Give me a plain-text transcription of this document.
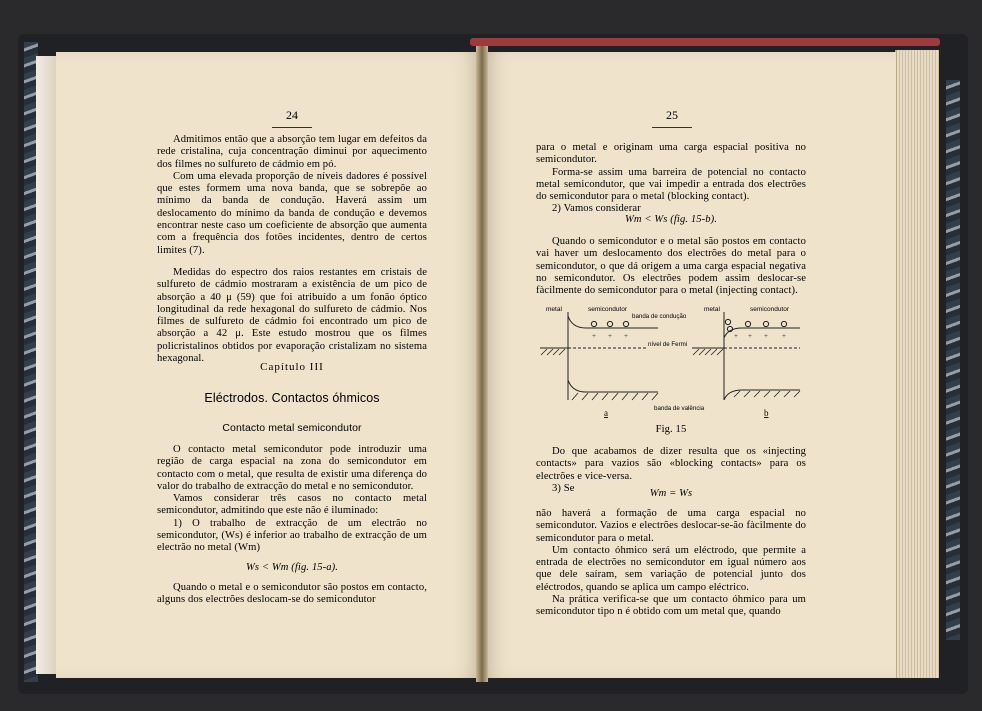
24

Admitimos então que a absorção tem lugar em defeitos da rede cristalina, cuja concentração diminui por aquecimento dos filmes no sulfureto de cádmio em pó.

Com uma elevada proporção de níveis dadores é possível que estes formem uma nova banda, que se sobrepõe ao mínimo da banda de condução. Haverá assim um deslocamento do mínimo da banda de condução e devemos encontrar neste caso um coeficiente de absorção que aumenta com a frequência dos fotões incidentes, dentro de certos limites (7).

Medidas do espectro dos raios restantes em cristais de sulfureto de cádmio mostraram a existência de um pico de absorção a 40 μ (59) que foi atribuído a um fonão óptico longitudinal da rede hexagonal do sulfureto de cádmio. Nos filmes de sulfureto de cádmio foi encontrado um pico de absorção a 42 μ. Este estudo mostrou que os filmes policristalinos obtidos por evaporação cristalizam no sistema hexagonal.

Capítulo III
Eléctrodos. Contactos óhmicos
Contacto metal semicondutor

O contacto metal semicondutor pode introduzir uma região de carga espacial na zona do semicondutor em contacto com o metal, que resulta de existir uma diferença do valor do trabalho de extracção do metal e no semicondutor.

Vamos considerar três casos no contacto metal semicondutor, admitindo que este não é iluminado:

1) O trabalho de extracção de um electrão no semicondutor, (Ws) é inferior ao trabalho de extracção de um electrão no metal (Wm)

Ws < Wm (fig. 15-a).

Quando o metal e o semicondutor são postos em contacto, alguns dos electrões deslocam-se do semicondutor

25

para o metal e originam uma carga espacial positiva no semicondutor.

Forma-se assim uma barreira de potencial no contacto metal semicondutor, que vai impedir a entrada dos electrões do semicondutor para o metal (blocking contact).

2) Vamos considerar

Wm < Ws (fig. 15-b).

Quando o semicondutor e o metal são postos em contacto vai haver um deslocamento dos electrões do metal para o semicondutor, o que dá origem a uma carga espacial negativa no semicondutor. Os electrões podem assim deslocar-se fàcilmente do semicondutor para o metal (injecting contact).

metal	semicondutor
+ + +
nível de Fermi
banda de condução
a
metal	semicondutor
+ + + +
banda de valência	b
Fig. 15

Do que acabamos de dizer resulta que os «injecting contacts» para vazios são «blocking contacts» para os electrões e vice-versa.

3) Se	Wm = Ws

não haverá a formação de uma carga espacial no semicondutor. Vazios e electrões deslocar-se-ão fàcilmente do semicondutor para o metal.

Um contacto óhmico será um eléctrodo, que permite a entrada de electrões no semicondutor em igual número aos que dele saíram, sem variação de potencial junto dos eléctrodos, quando se aplica um campo eléctrico.

Na prática verifica-se que um contacto óhmico para um semicondutor tipo n é obtido com um metal que, quando
